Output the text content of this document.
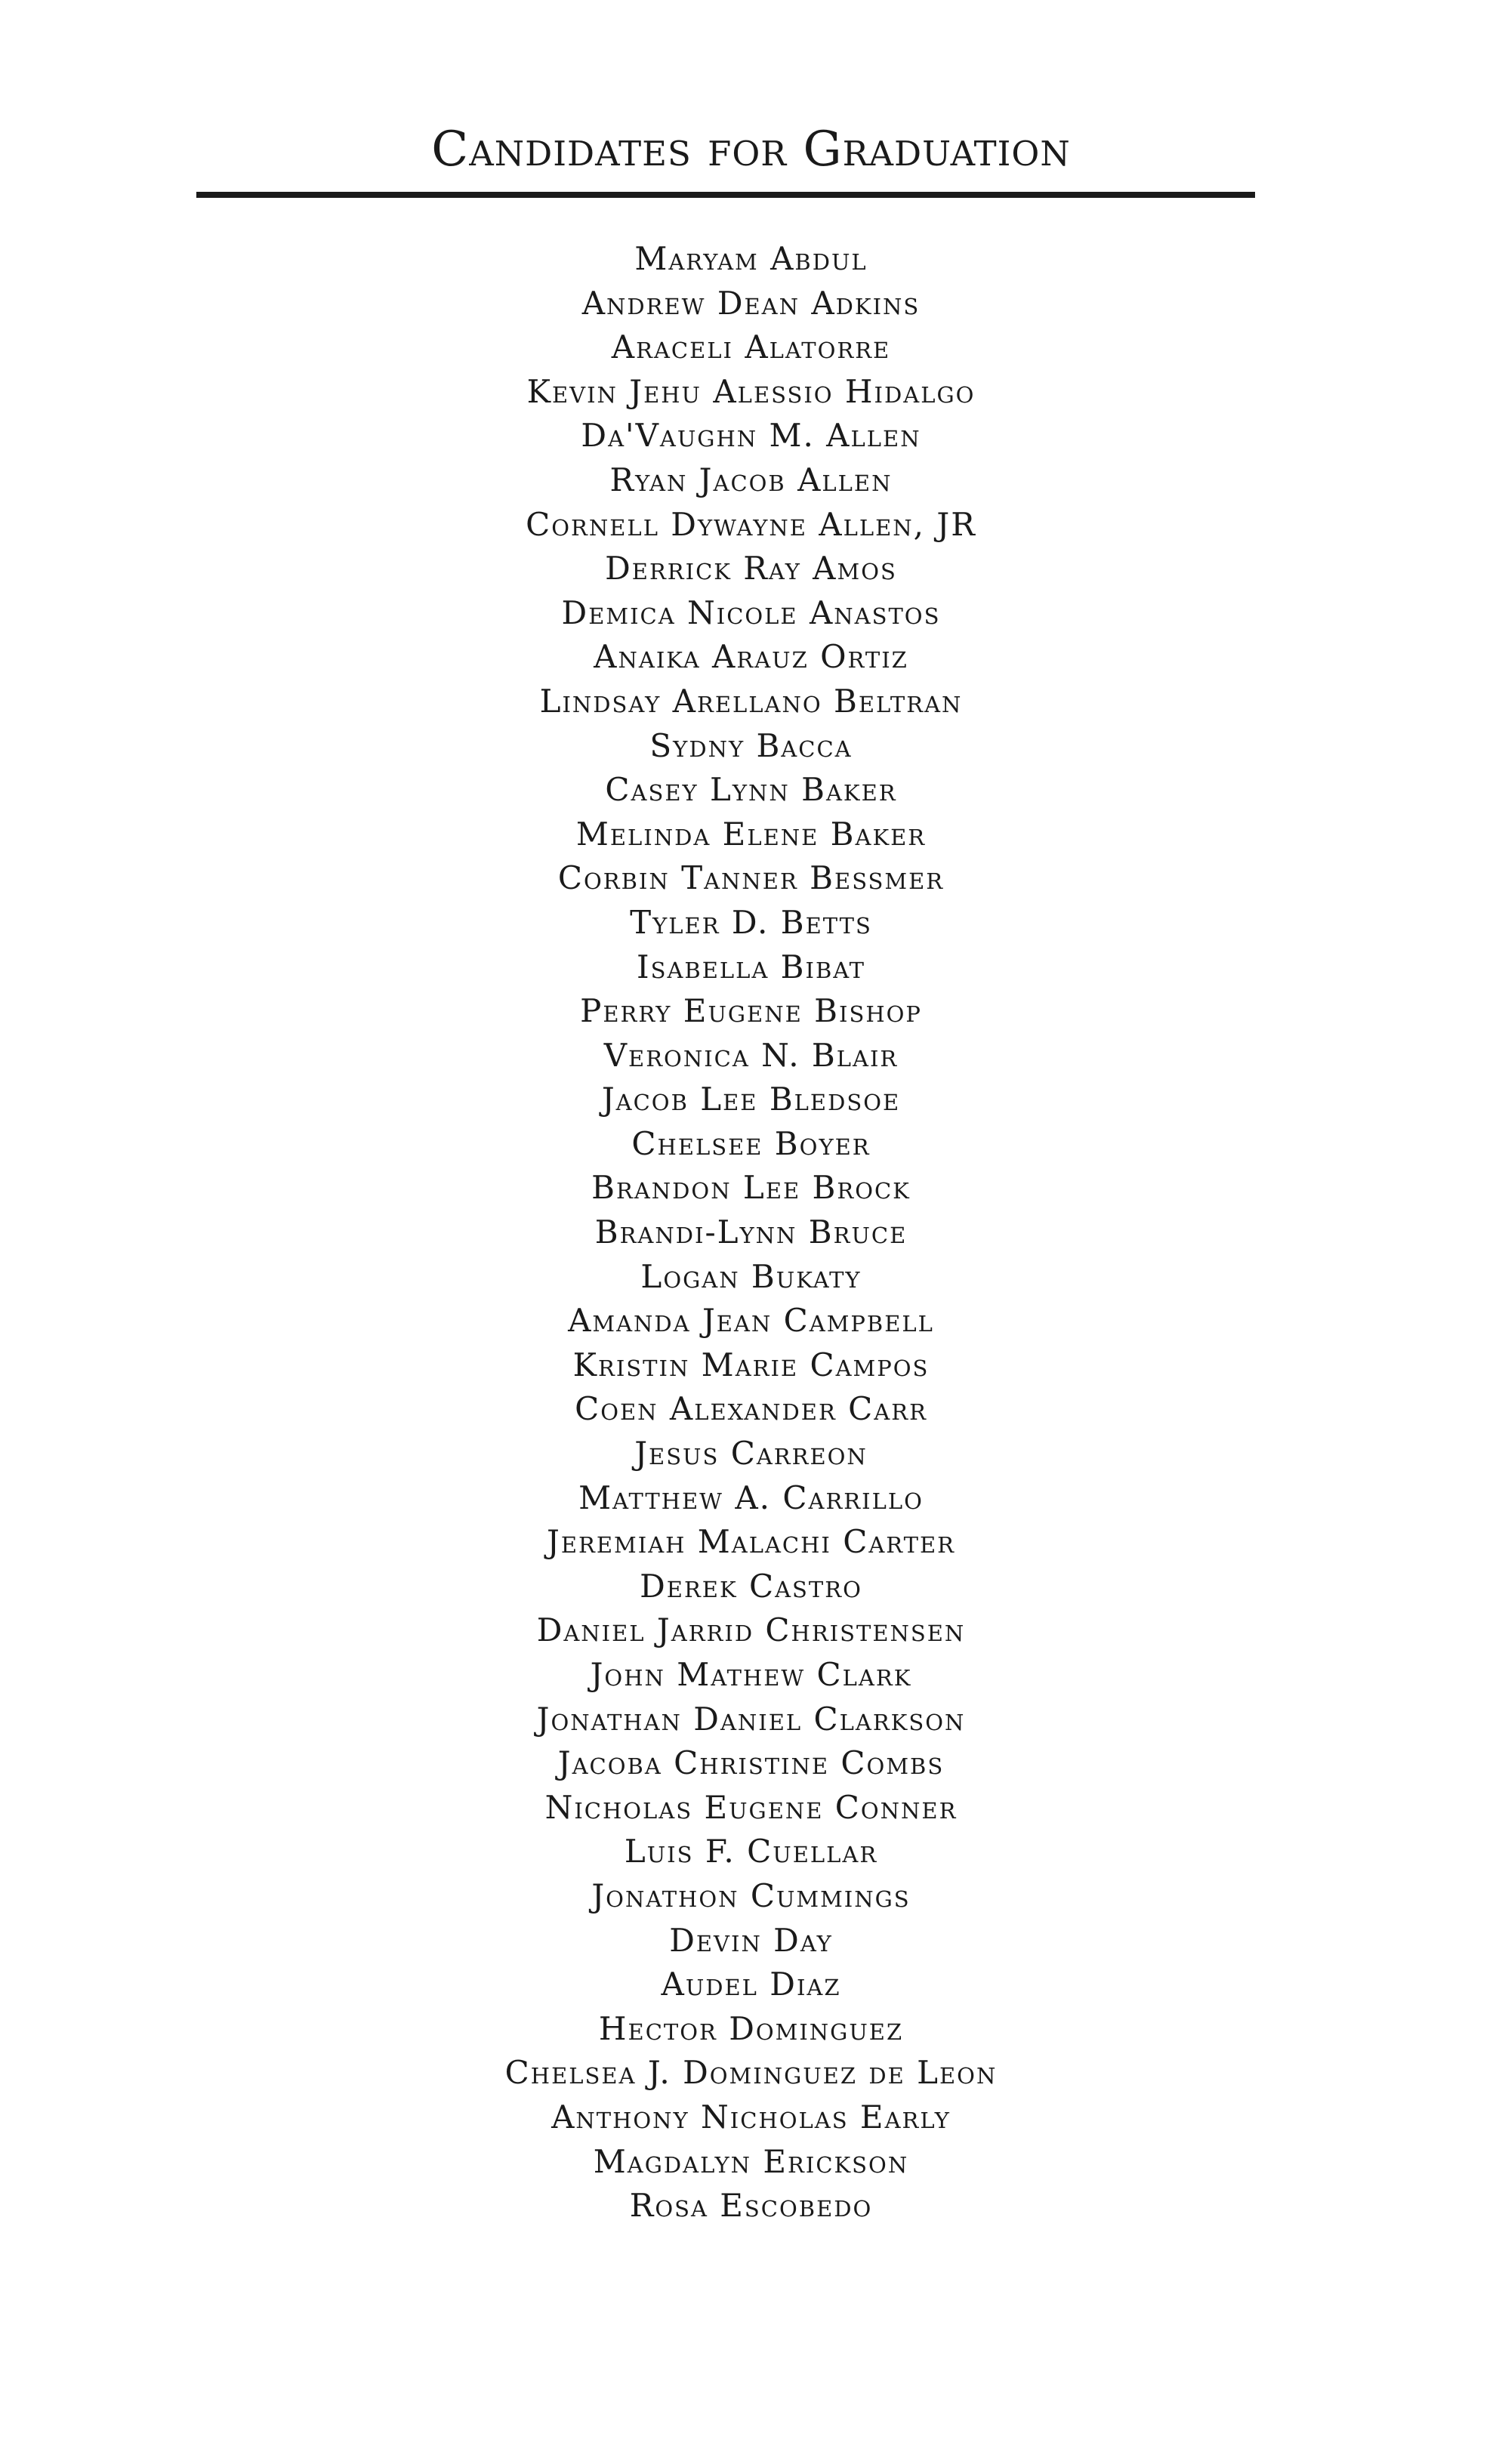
Candidates for Graduation
Maryam Abdul
Andrew Dean Adkins
Araceli Alatorre
Kevin Jehu Alessio Hidalgo
Da'Vaughn M. Allen
Ryan Jacob Allen
Cornell Dywayne Allen, JR
Derrick Ray Amos
Demica Nicole Anastos
Anaika Arauz Ortiz
Lindsay Arellano Beltran
Sydny Bacca
Casey Lynn Baker
Melinda Elene Baker
Corbin Tanner Bessmer
Tyler D. Betts
Isabella Bibat
Perry Eugene Bishop
Veronica N. Blair
Jacob Lee Bledsoe
Chelsee Boyer
Brandon Lee Brock
Brandi-Lynn Bruce
Logan Bukaty
Amanda Jean Campbell
Kristin Marie Campos
Coen Alexander Carr
Jesus Carreon
Matthew A. Carrillo
Jeremiah Malachi Carter
Derek Castro
Daniel Jarrid Christensen
John Mathew Clark
Jonathan Daniel Clarkson
Jacoba Christine Combs
Nicholas Eugene Conner
Luis F. Cuellar
Jonathon Cummings
Devin Day
Audel Diaz
Hector Dominguez
Chelsea J. Dominguez de Leon
Anthony Nicholas Early
Magdalyn Erickson
Rosa Escobedo
